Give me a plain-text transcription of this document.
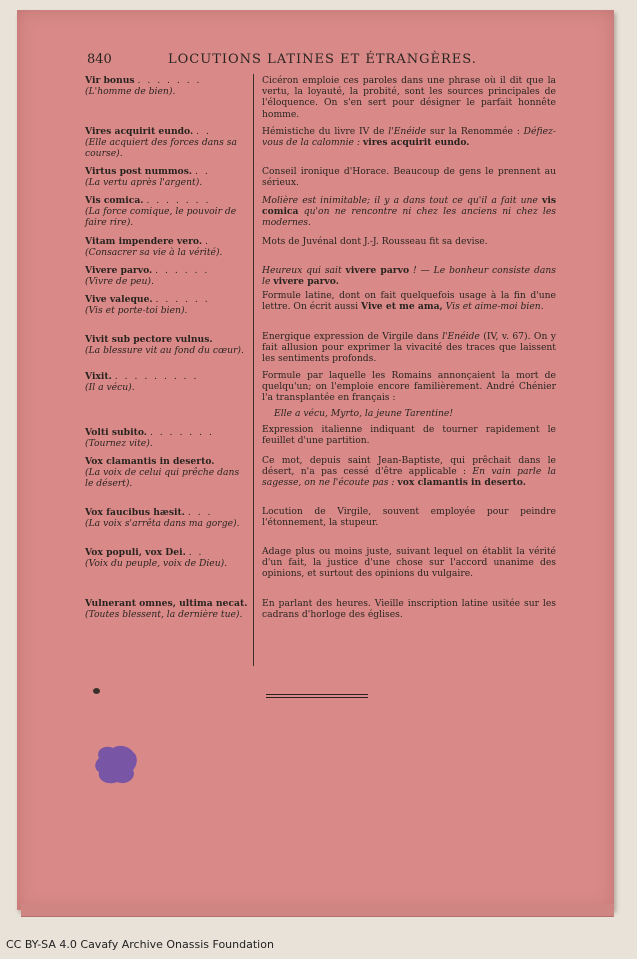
840	LOCUTIONS LATINES ET ÉTRANGÈRES.
Vir bonus . . . . . . .
(L'homme de bien).
Cicéron emploie ces paroles dans une phrase où il dit que la vertu, la loyauté, la probité, sont les sources principales de l'éloquence. On s'en sert pour désigner le parfait honnête homme.
Vires acquirit eundo. . .
(Elle acquiert des forces dans sa course).
Hémistiche du livre IV de l'Enéide sur la Renommée : Défiez-vous de la calomnie : vires acquirit eundo.
Virtus post nummos. . .
(La vertu après l'argent).
Conseil ironique d'Horace. Beaucoup de gens le prennent au sérieux.
Vis comica. . . . . . . .
(La force comique, le pouvoir de faire rire).
Molière est inimitable; il y a dans tout ce qu'il a fait une vis comica qu'on ne rencontre ni chez les anciens ni chez les modernes.
Vitam impendere vero. .
(Consacrer sa vie à la vérité).
Mots de Juvénal dont J.-J. Rousseau fit sa devise.
Vivere parvo. . . . . . .
(Vivre de peu).
Heureux qui sait vivere parvo ! — Le bonheur consiste dans le vivere parvo.
Vive valeque. . . . . . .
(Vis et porte-toi bien).
Formule latine, dont on fait quelquefois usage à la fin d'une lettre. On écrit aussi Vive et me ama, Vis et aime-moi bien.
Vivit sub pectore vulnus.
(La blessure vit au fond du cœur).
Energique expression de Virgile dans l'Enéide (IV, v. 67). On y fait allusion pour exprimer la vivacité des traces que laissent les sentiments profonds.
Vixit. . . . . . . . . .
(Il a vécu).
Formule par laquelle les Romains annonçaient la mort de quelqu'un; on l'emploie encore familièrement. André Chénier l'a transplantée en français :
Elle a vécu, Myrto, la jeune Tarentine!
Volti subito. . . . . . . .
(Tournez vite).
Expression italienne indiquant de tourner rapidement le feuillet d'une partition.
Vox clamantis in deserto.
(La voix de celui qui prêche dans le désert).
Ce mot, depuis saint Jean-Baptiste, qui prêchait dans le désert, n'a pas cessé d'être applicable : En vain parle la sagesse, on ne l'écoute pas : vox clamantis in deserto.
Vox faucibus hæsit. . . .
(La voix s'arrêta dans ma gorge).
Locution de Virgile, souvent employée pour peindre l'étonnement, la stupeur.
Vox populi, vox Dei. . .
(Voix du peuple, voix de Dieu).
Adage plus ou moins juste, suivant lequel on établit la vérité d'un fait, la justice d'une chose sur l'accord unanime des opinions, et surtout des opinions du vulgaire.
Vulnerant omnes, ultima necat.
(Toutes blessent, la dernière tue).
En parlant des heures. Vieille inscription latine usitée sur les cadrans d'horloge des églises.
CC BY-SA 4.0 Cavafy Archive Onassis Foundation
